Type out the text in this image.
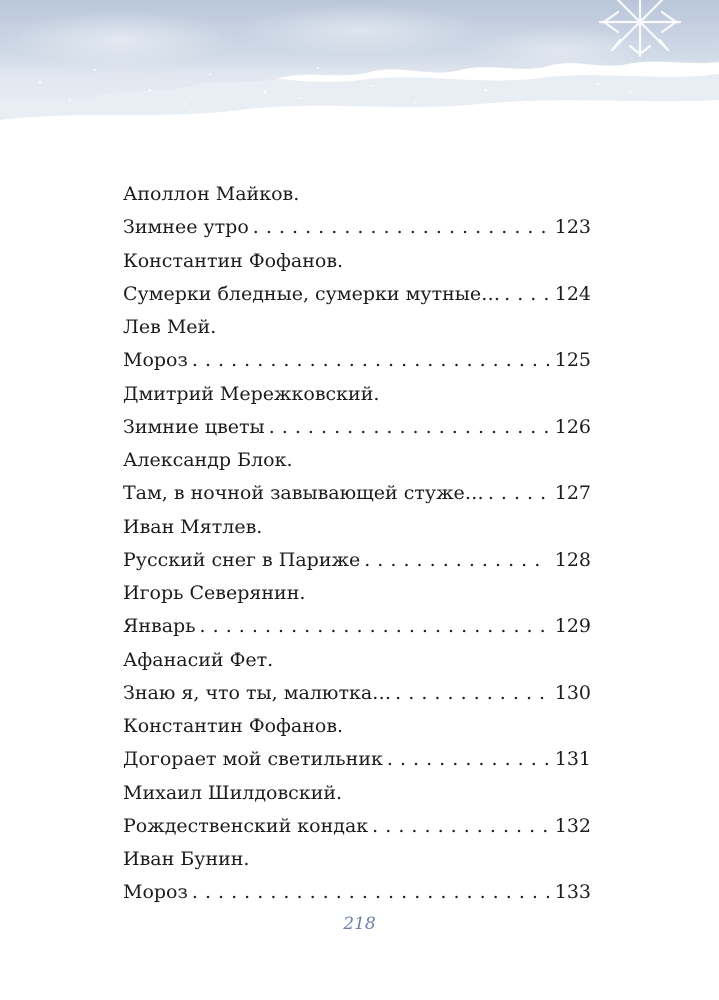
Аполлон Майков.
Зимнее утро . . .	123
Константин Фофанов.
Сумерки бледные, сумерки мутные… . . .	124
Лев Мей.
Мороз . . .	125
Дмитрий Мережковский.
Зимние цветы . . .	126
Александр Блок.
Там, в ночной завывающей стуже… . . .	127
Иван Мятлев.
Русский снег в Париже . . .	128
Игорь Северянин.
Январь . . .	129
Афанасий Фет.
Знаю я, что ты, малютка… . . .	130
Константин Фофанов.
Догорает мой светильник . . .	131
Михаил Шилдовский.
Рождественский кондак . . .	132
Иван Бунин.
Мороз . . .	133
218
